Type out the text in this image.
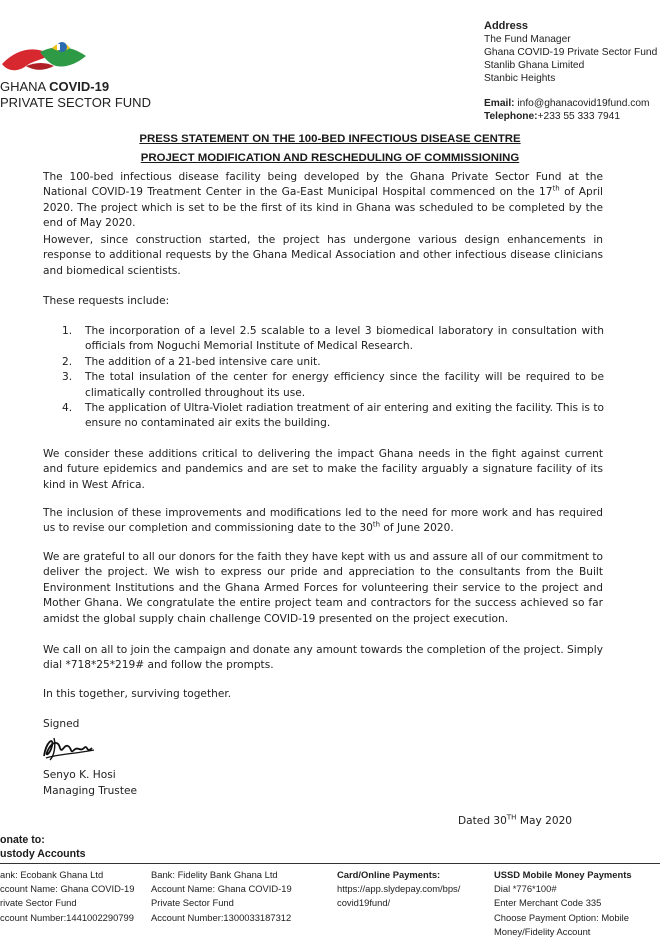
GHANA COVID-19
PRIVATE SECTOR FUND
Address
The Fund Manager
Ghana COVID-19 Private Sector Fund
Stanlib Ghana Limited
Stanbic Heights
Email: info@ghanacovid19fund.com
Telephone:+233 55 333 7941
PRESS STATEMENT ON THE 100-BED INFECTIOUS DISEASE CENTRE
PROJECT MODIFICATION AND RESCHEDULING OF COMMISSIONING

The 100-bed infectious disease facility being developed by the Ghana Private Sector Fund at the National COVID-19 Treatment Center in the Ga-East Municipal Hospital commenced on the 17th of April 2020. The project which is set to be the first of its kind in Ghana was scheduled to be completed by the end of May 2020.

However, since construction started, the project has undergone various design enhancements in response to additional requests by the Ghana Medical Association and other infectious disease clinicians and biomedical scientists.

These requests include:

1. The incorporation of a level 2.5 scalable to a level 3 biomedical laboratory in consultation with officials from Noguchi Memorial Institute of Medical Research.
2. The addition of a 21-bed intensive care unit.
3. The total insulation of the center for energy efficiency since the facility will be required to be climatically controlled throughout its use.
4. The application of Ultra-Violet radiation treatment of air entering and exiting the facility. This is to ensure no contaminated air exits the building.

We consider these additions critical to delivering the impact Ghana needs in the fight against current and future epidemics and pandemics and are set to make the facility arguably a signature facility of its kind in West Africa.

The inclusion of these improvements and modifications led to the need for more work and has required us to revise our completion and commissioning date to the 30th of June 2020.

We are grateful to all our donors for the faith they have kept with us and assure all of our commitment to deliver the project. We wish to express our pride and appreciation to the consultants from the Built Environment Institutions and the Ghana Armed Forces for volunteering their service to the project and Mother Ghana. We congratulate the entire project team and contractors for the success achieved so far amidst the global supply chain challenge COVID-19 presented on the project execution.

We call on all to join the campaign and donate any amount towards the completion of the project. Simply dial *718*25*219# and follow the prompts.

In this together, surviving together.

Signed
Senyo K. Hosi
Managing Trustee
Dated 30TH May 2020
onate to:
ustody Accounts
ank: Ecobank Ghana Ltd
ccount Name: Ghana COVID-19
rivate Sector Fund
ccount Number:1441002290799
Bank: Fidelity Bank Ghana Ltd
Account Name: Ghana COVID-19
Private Sector Fund
Account Number:1300033187312
Card/Online Payments:
https://app.slydepay.com/bps/
covid19fund/
USSD Mobile Money Payments
Dial *776*100#
Enter Merchant Code 335
Choose Payment Option: Mobile
Money/Fidelity Account
